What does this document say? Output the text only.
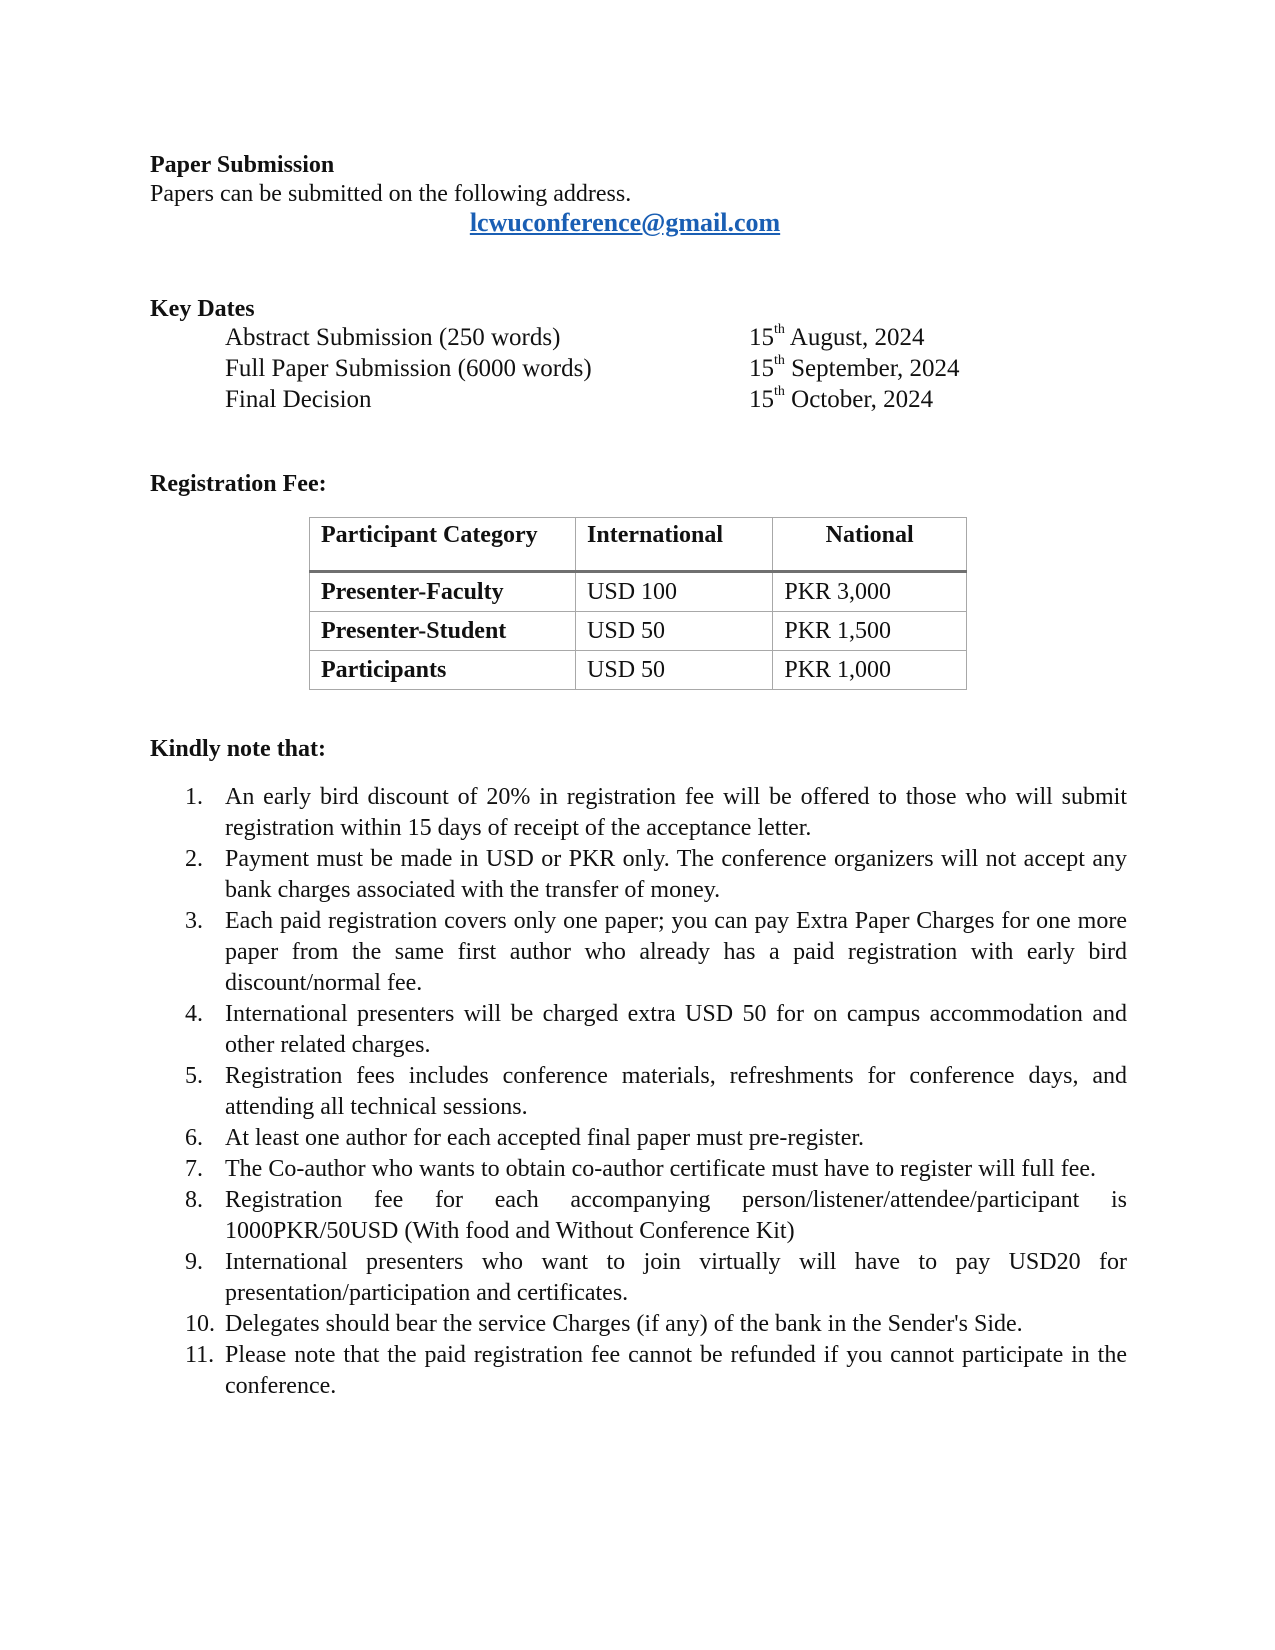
Paper Submission

Papers can be submitted on the following address.

lcwuconference@gmail.com

Key Dates

Abstract Submission (250 words)	15th August, 2024
Full Paper Submission (6000 words)	15th September, 2024
Final Decision	15th October, 2024

Registration Fee:

Participant Category	International	National
Presenter-Faculty	USD 100	PKR 3,000
Presenter-Student	USD 50	PKR 1,500
Participants	USD 50	PKR 1,000

Kindly note that:

1. An early bird discount of 20% in registration fee will be offered to those who will submit registration within 15 days of receipt of the acceptance letter.
2. Payment must be made in USD or PKR only. The conference organizers will not accept any bank charges associated with the transfer of money.
3. Each paid registration covers only one paper; you can pay Extra Paper Charges for one more paper from the same first author who already has a paid registration with early bird discount/normal fee.
4. International presenters will be charged extra USD 50 for on campus accommodation and other related charges.
5. Registration fees includes conference materials, refreshments for conference days, and attending all technical sessions.
6. At least one author for each accepted final paper must pre-register.
7. The Co-author who wants to obtain co-author certificate must have to register will full fee.
8. Registration fee for each accompanying person/listener/attendee/participant is 1000PKR/50USD (With food and Without Conference Kit)
9. International presenters who want to join virtually will have to pay USD20 for presentation/participation and certificates.
10. Delegates should bear the service Charges (if any) of the bank in the Sender's Side.
11. Please note that the paid registration fee cannot be refunded if you cannot participate in the conference.
